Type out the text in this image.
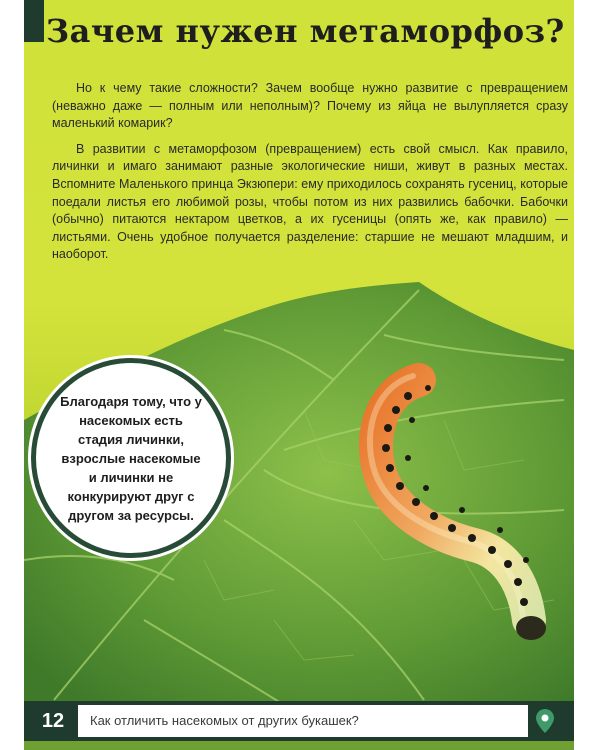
Зачем нужен метаморфоз?

Но к чему такие сложности? Зачем вообще нужно развитие с превращением (неважно даже — полным или неполным)? Почему из яйца не вылупляется сразу маленький комарик?

В развитии с метаморфозом (превращением) есть свой смысл. Как правило, личинки и имаго занимают разные экологические ниши, живут в разных местах. Вспомните Маленького принца Экзюпери: ему приходилось сохранять гусениц, которые поедали листья его любимой розы, чтобы потом из них развились бабочки. Бабочки (обычно) питаются нектаром цветков, а их гусеницы (опять же, как правило) — листьями. Очень удобное получается разделение: старшие не мешают младшим, и наоборот.

Благодаря тому, что у насекомых есть стадия личинки, взрослые насекомые и личинки не конкурируют друг с другом за ресурсы.
12	Как отличить насекомых от других букашек?
